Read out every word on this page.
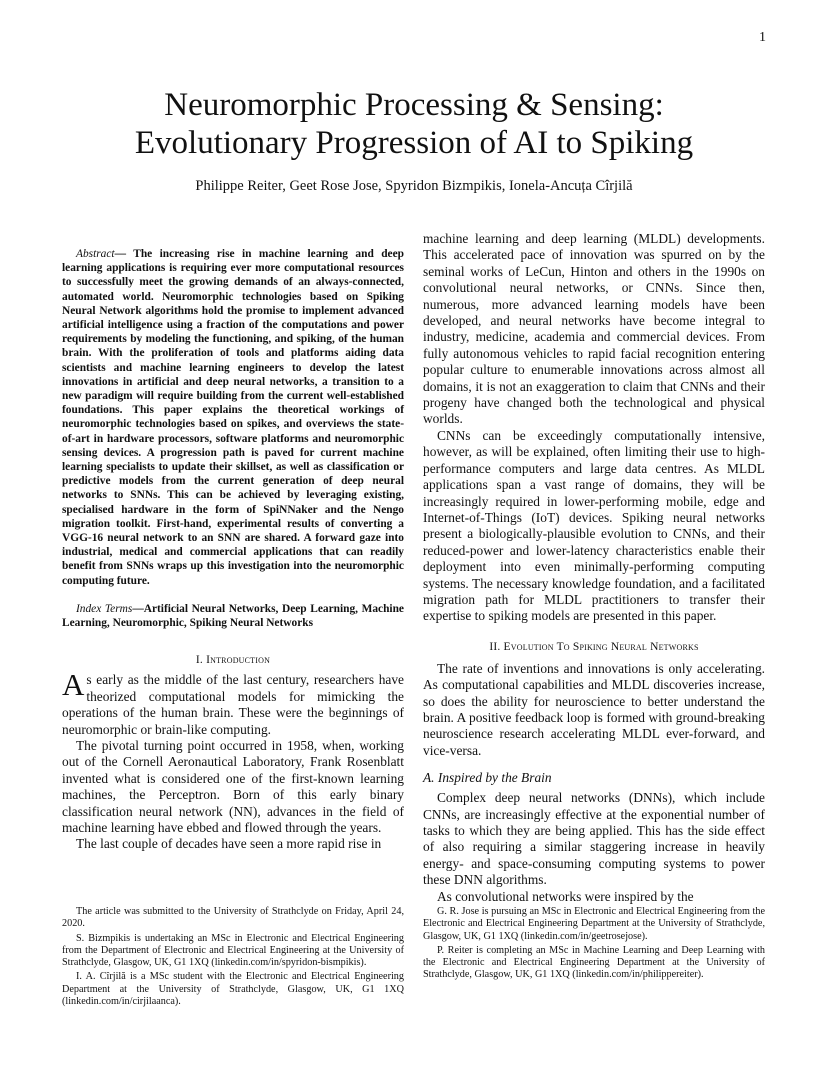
1
Neuromorphic Processing & Sensing:
Evolutionary Progression of AI to Spiking
Philippe Reiter, Geet Rose Jose, Spyridon Bizmpikis, Ionela-Ancuța Cîrjilă

Abstract— The increasing rise in machine learning and deep learning applications is requiring ever more computational resources to successfully meet the growing demands of an always-connected, automated world. Neuromorphic technologies based on Spiking Neural Network algorithms hold the promise to implement advanced artificial intelligence using a fraction of the computations and power requirements by modeling the functioning, and spiking, of the human brain. With the proliferation of tools and platforms aiding data scientists and machine learning engineers to develop the latest innovations in artificial and deep neural networks, a transition to a new paradigm will require building from the current well-established foundations. This paper explains the theoretical workings of neuromorphic technologies based on spikes, and overviews the state-of-art in hardware processors, software platforms and neuromorphic sensing devices. A progression path is paved for current machine learning specialists to update their skillset, as well as classification or predictive models from the current generation of deep neural networks to SNNs. This can be achieved by leveraging existing, specialised hardware in the form of SpiNNaker and the Nengo migration toolkit. First-hand, experimental results of converting a VGG-16 neural network to an SNN are shared. A forward gaze into industrial, medical and commercial applications that can readily benefit from SNNs wraps up this investigation into the neuromorphic computing future.

Index Terms—Artificial Neural Networks, Deep Learning, Machine Learning, Neuromorphic, Spiking Neural Networks

I. Introduction

As early as the middle of the last century, researchers have theorized computational models for mimicking the operations of the human brain. These were the beginnings of neuromorphic or brain-like computing.

The pivotal turning point occurred in 1958, when, working out of the Cornell Aeronautical Laboratory, Frank Rosenblatt invented what is considered one of the first-known learning machines, the Perceptron. Born of this early binary classification neural network (NN), advances in the field of machine learning have ebbed and flowed through the years.

The last couple of decades have seen a more rapid rise in

machine learning and deep learning (MLDL) developments. This accelerated pace of innovation was spurred on by the seminal works of LeCun, Hinton and others in the 1990s on convolutional neural networks, or CNNs. Since then, numerous, more advanced learning models have been developed, and neural networks have become integral to industry, medicine, academia and commercial devices. From fully autonomous vehicles to rapid facial recognition entering popular culture to enumerable innovations across almost all domains, it is not an exaggeration to claim that CNNs and their progeny have changed both the technological and physical worlds.

CNNs can be exceedingly computationally intensive, however, as will be explained, often limiting their use to high-performance computers and large data centres. As MLDL applications span a vast range of domains, they will be increasingly required in lower-performing mobile, edge and Internet-of-Things (IoT) devices. Spiking neural networks present a biologically-plausible evolution to CNNs, and their reduced-power and lower-latency characteristics enable their deployment into even minimally-performing computing systems. The necessary knowledge foundation, and a facilitated migration path for MLDL practitioners to transfer their expertise to spiking models are presented in this paper.

II. Evolution To Spiking Neural Networks

The rate of inventions and innovations is only accelerating. As computational capabilities and MLDL discoveries increase, so does the ability for neuroscience to better understand the brain. A positive feedback loop is formed with ground-breaking neuroscience research accelerating MLDL ever-forward, and vice-versa.

A. Inspired by the Brain

Complex deep neural networks (DNNs), which include CNNs, are increasingly effective at the exponential number of tasks to which they are being applied. This has the side effect of also requiring a similar staggering increase in heavily energy- and space-consuming computing systems to power these DNN algorithms.

As convolutional networks were inspired by the

The article was submitted to the University of Strathclyde on Friday, April 24, 2020.

S. Bizmpikis is undertaking an MSc in Electronic and Electrical Engineering from the Department of Electronic and Electrical Engineering at the University of Strathclyde, Glasgow, UK, G1 1XQ (linkedin.com/in/spyridon-bismpikis).

I. A. Cîrjilă is a MSc student with the Electronic and Electrical Engineering Department at the University of Strathclyde, Glasgow, UK, G1 1XQ (linkedin.com/in/cirjilaanca).

G. R. Jose is pursuing an MSc in Electronic and Electrical Engineering from the Electronic and Electrical Engineering Department at the University of Strathclyde, Glasgow, UK, G1 1XQ (linkedin.com/in/geetrosejose).

P. Reiter is completing an MSc in Machine Learning and Deep Learning with the Electronic and Electrical Engineering Department at the University of Strathclyde, Glasgow, UK, G1 1XQ (linkedin.com/in/philippereiter).
